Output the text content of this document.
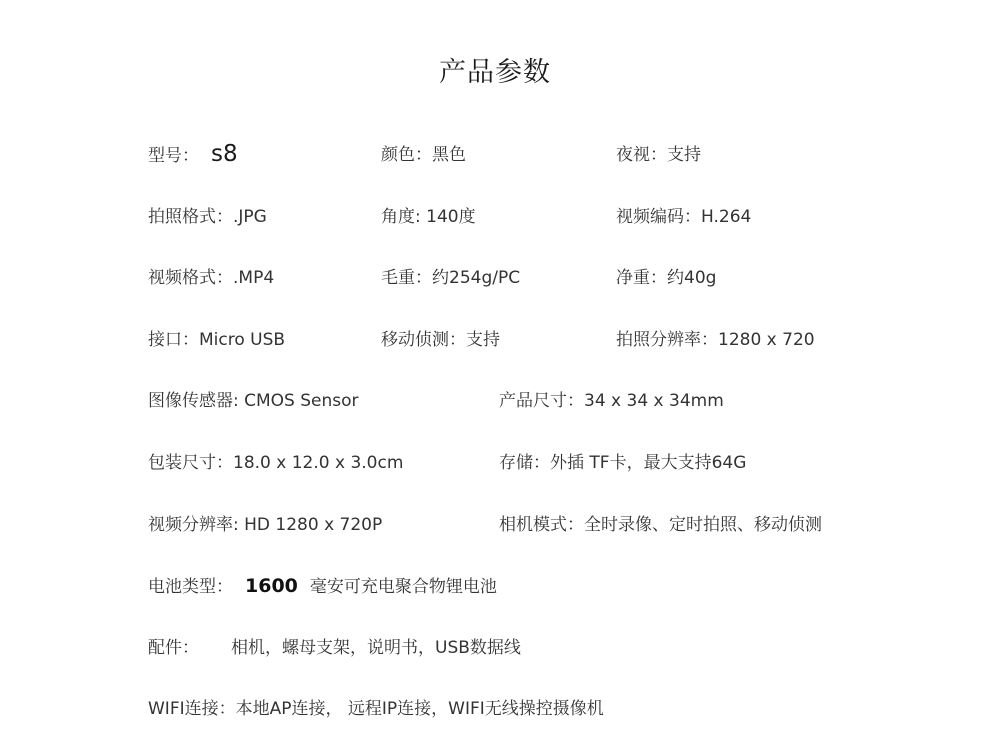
产品参数
型号： s8	颜色：黑色	夜视：支持
拍照格式：.JPG	角度: 140度	视频编码：H.264
视频格式：.MP4	毛重：约254g/PC	净重：约40g
接口：Micro USB	移动侦测：支持	拍照分辨率：1280 x 720
图像传感器: CMOS Sensor	产品尺寸：34 x 34 x 34mm
包装尺寸：18.0 x 12.0 x 3.0cm	存储：外插 TF卡，最大支持64G
视频分辨率: HD 1280 x 720P	相机模式：全时录像、定时拍照、移动侦测
电池类型： 1600 毫安可充电聚合物锂电池
配件： 相机，螺母支架，说明书，USB数据线
WIFI连接：本地AP连接， 远程IP连接，WIFI无线操控摄像机
